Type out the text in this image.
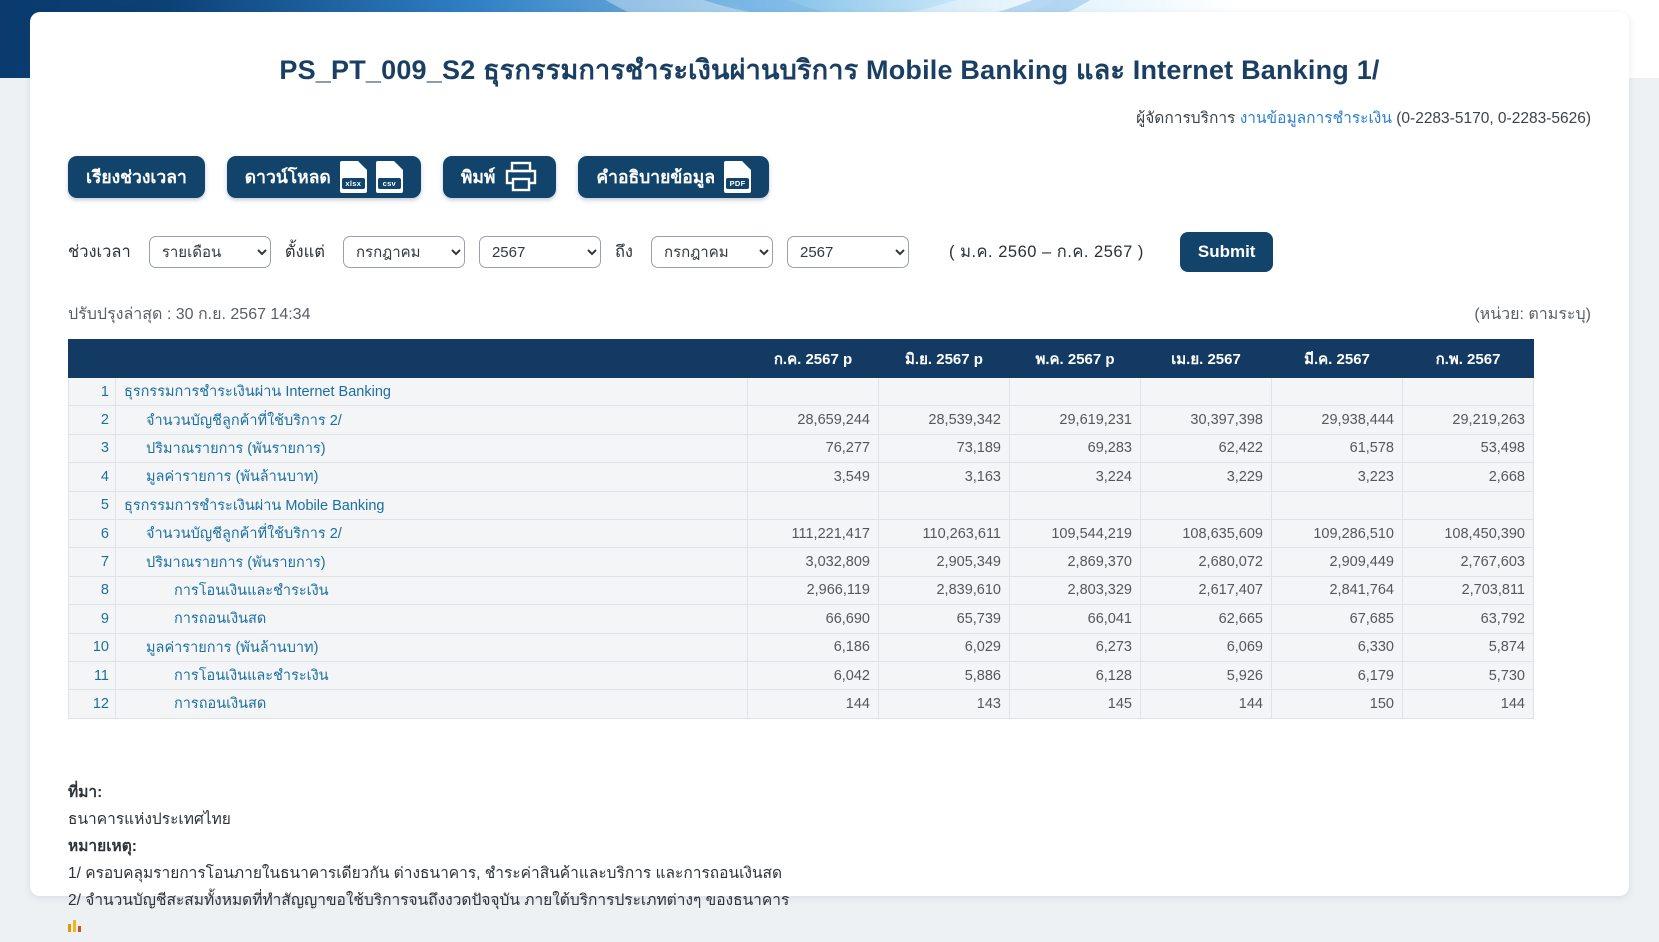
PS_PT_009_S2 ธุรกรรมการชำระเงินผ่านบริการ Mobile Banking และ Internet Banking 1/
ผู้จัดการบริการ งานข้อมูลการชำระเงิน (0-2283-5170, 0-2283-5626)
เรียงช่วงเวลา	ดาวน์โหลด	xlsx	csv	พิมพ์	คำอธิบายข้อมูล	PDF
ช่วงเวลา
รายเดือน	ตั้งแต่
กรกฎาคม
2567	ถึง
กรกฎาคม
2567	( ม.ค. 2560 – ก.ค. 2567 )	Submit
ปรับปรุงล่าสุด : 30 ก.ย. 2567 14:34	(หน่วย: ตามระบุ)
		ก.ค. 2567 p	มิ.ย. 2567 p	พ.ค. 2567 p	เม.ย. 2567	มี.ค. 2567	ก.พ. 2567
1	ธุรกรรมการชำระเงินผ่าน Internet Banking						
2	จำนวนบัญชีลูกค้าที่ใช้บริการ 2/	28,659,244	28,539,342	29,619,231	30,397,398	29,938,444	29,219,263
3	ปริมาณรายการ (พันรายการ)	76,277	73,189	69,283	62,422	61,578	53,498
4	มูลค่ารายการ (พันล้านบาท)	3,549	3,163	3,224	3,229	3,223	2,668
5	ธุรกรรมการชำระเงินผ่าน Mobile Banking						
6	จำนวนบัญชีลูกค้าที่ใช้บริการ 2/	111,221,417	110,263,611	109,544,219	108,635,609	109,286,510	108,450,390
7	ปริมาณรายการ (พันรายการ)	3,032,809	2,905,349	2,869,370	2,680,072	2,909,449	2,767,603
8	การโอนเงินและชำระเงิน	2,966,119	2,839,610	2,803,329	2,617,407	2,841,764	2,703,811
9	การถอนเงินสด	66,690	65,739	66,041	62,665	67,685	63,792
10	มูลค่ารายการ (พันล้านบาท)	6,186	6,029	6,273	6,069	6,330	5,874
11	การโอนเงินและชำระเงิน	6,042	5,886	6,128	5,926	6,179	5,730
12	การถอนเงินสด	144	143	145	144	150	144
ที่มา:
ธนาคารแห่งประเทศไทย
หมายเหตุ:
1/ ครอบคลุมรายการโอนภายในธนาคารเดียวกัน ต่างธนาคาร, ชำระค่าสินค้าและบริการ และการถอนเงินสด
2/ จำนวนบัญชีสะสมทั้งหมดที่ทำสัญญาขอใช้บริการจนถึงงวดปัจจุบัน ภายใต้บริการประเภทต่างๆ ของธนาคาร
